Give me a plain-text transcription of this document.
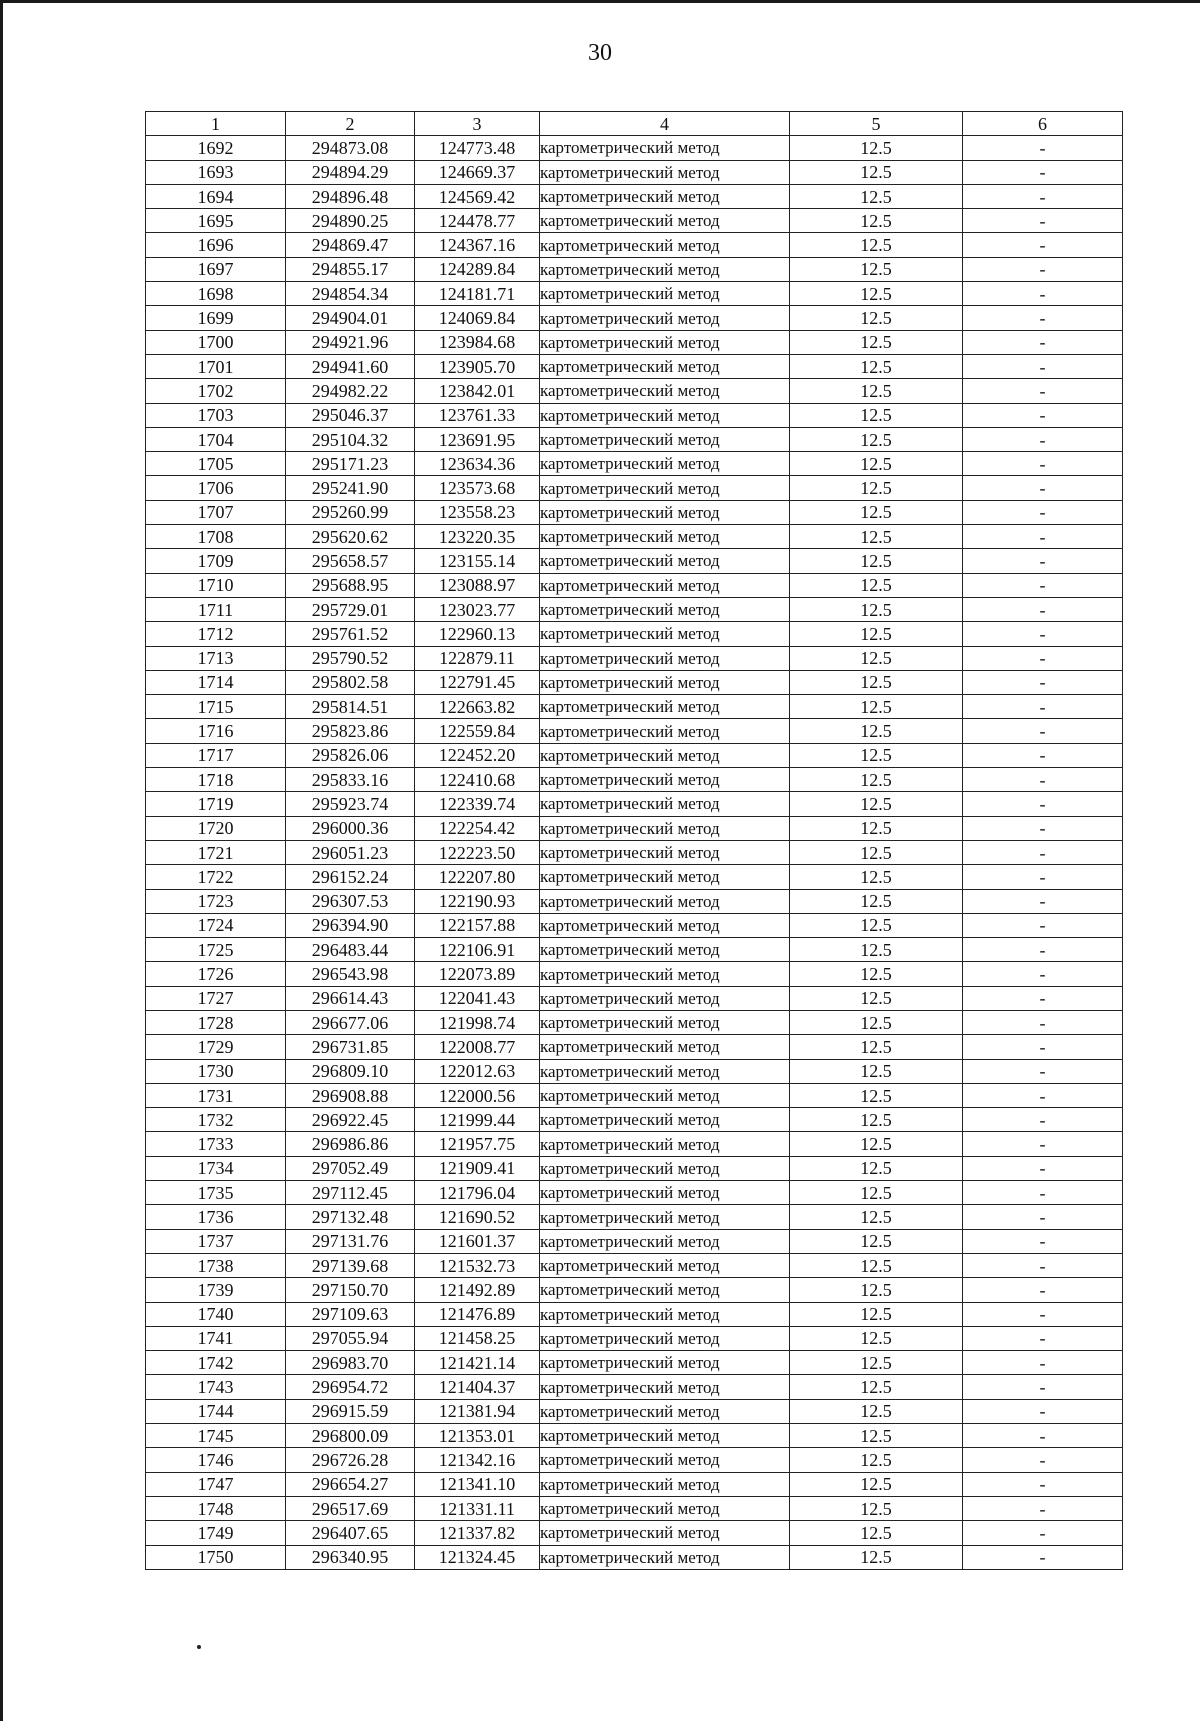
30
1	2	3	4	5	6
1692	294873.08	124773.48	картометрический метод	12.5	-
1693	294894.29	124669.37	картометрический метод	12.5	-
1694	294896.48	124569.42	картометрический метод	12.5	-
1695	294890.25	124478.77	картометрический метод	12.5	-
1696	294869.47	124367.16	картометрический метод	12.5	-
1697	294855.17	124289.84	картометрический метод	12.5	-
1698	294854.34	124181.71	картометрический метод	12.5	-
1699	294904.01	124069.84	картометрический метод	12.5	-
1700	294921.96	123984.68	картометрический метод	12.5	-
1701	294941.60	123905.70	картометрический метод	12.5	-
1702	294982.22	123842.01	картометрический метод	12.5	-
1703	295046.37	123761.33	картометрический метод	12.5	-
1704	295104.32	123691.95	картометрический метод	12.5	-
1705	295171.23	123634.36	картометрический метод	12.5	-
1706	295241.90	123573.68	картометрический метод	12.5	-
1707	295260.99	123558.23	картометрический метод	12.5	-
1708	295620.62	123220.35	картометрический метод	12.5	-
1709	295658.57	123155.14	картометрический метод	12.5	-
1710	295688.95	123088.97	картометрический метод	12.5	-
1711	295729.01	123023.77	картометрический метод	12.5	-
1712	295761.52	122960.13	картометрический метод	12.5	-
1713	295790.52	122879.11	картометрический метод	12.5	-
1714	295802.58	122791.45	картометрический метод	12.5	-
1715	295814.51	122663.82	картометрический метод	12.5	-
1716	295823.86	122559.84	картометрический метод	12.5	-
1717	295826.06	122452.20	картометрический метод	12.5	-
1718	295833.16	122410.68	картометрический метод	12.5	-
1719	295923.74	122339.74	картометрический метод	12.5	-
1720	296000.36	122254.42	картометрический метод	12.5	-
1721	296051.23	122223.50	картометрический метод	12.5	-
1722	296152.24	122207.80	картометрический метод	12.5	-
1723	296307.53	122190.93	картометрический метод	12.5	-
1724	296394.90	122157.88	картометрический метод	12.5	-
1725	296483.44	122106.91	картометрический метод	12.5	-
1726	296543.98	122073.89	картометрический метод	12.5	-
1727	296614.43	122041.43	картометрический метод	12.5	-
1728	296677.06	121998.74	картометрический метод	12.5	-
1729	296731.85	122008.77	картометрический метод	12.5	-
1730	296809.10	122012.63	картометрический метод	12.5	-
1731	296908.88	122000.56	картометрический метод	12.5	-
1732	296922.45	121999.44	картометрический метод	12.5	-
1733	296986.86	121957.75	картометрический метод	12.5	-
1734	297052.49	121909.41	картометрический метод	12.5	-
1735	297112.45	121796.04	картометрический метод	12.5	-
1736	297132.48	121690.52	картометрический метод	12.5	-
1737	297131.76	121601.37	картометрический метод	12.5	-
1738	297139.68	121532.73	картометрический метод	12.5	-
1739	297150.70	121492.89	картометрический метод	12.5	-
1740	297109.63	121476.89	картометрический метод	12.5	-
1741	297055.94	121458.25	картометрический метод	12.5	-
1742	296983.70	121421.14	картометрический метод	12.5	-
1743	296954.72	121404.37	картометрический метод	12.5	-
1744	296915.59	121381.94	картометрический метод	12.5	-
1745	296800.09	121353.01	картометрический метод	12.5	-
1746	296726.28	121342.16	картометрический метод	12.5	-
1747	296654.27	121341.10	картометрический метод	12.5	-
1748	296517.69	121331.11	картометрический метод	12.5	-
1749	296407.65	121337.82	картометрический метод	12.5	-
1750	296340.95	121324.45	картометрический метод	12.5	-
